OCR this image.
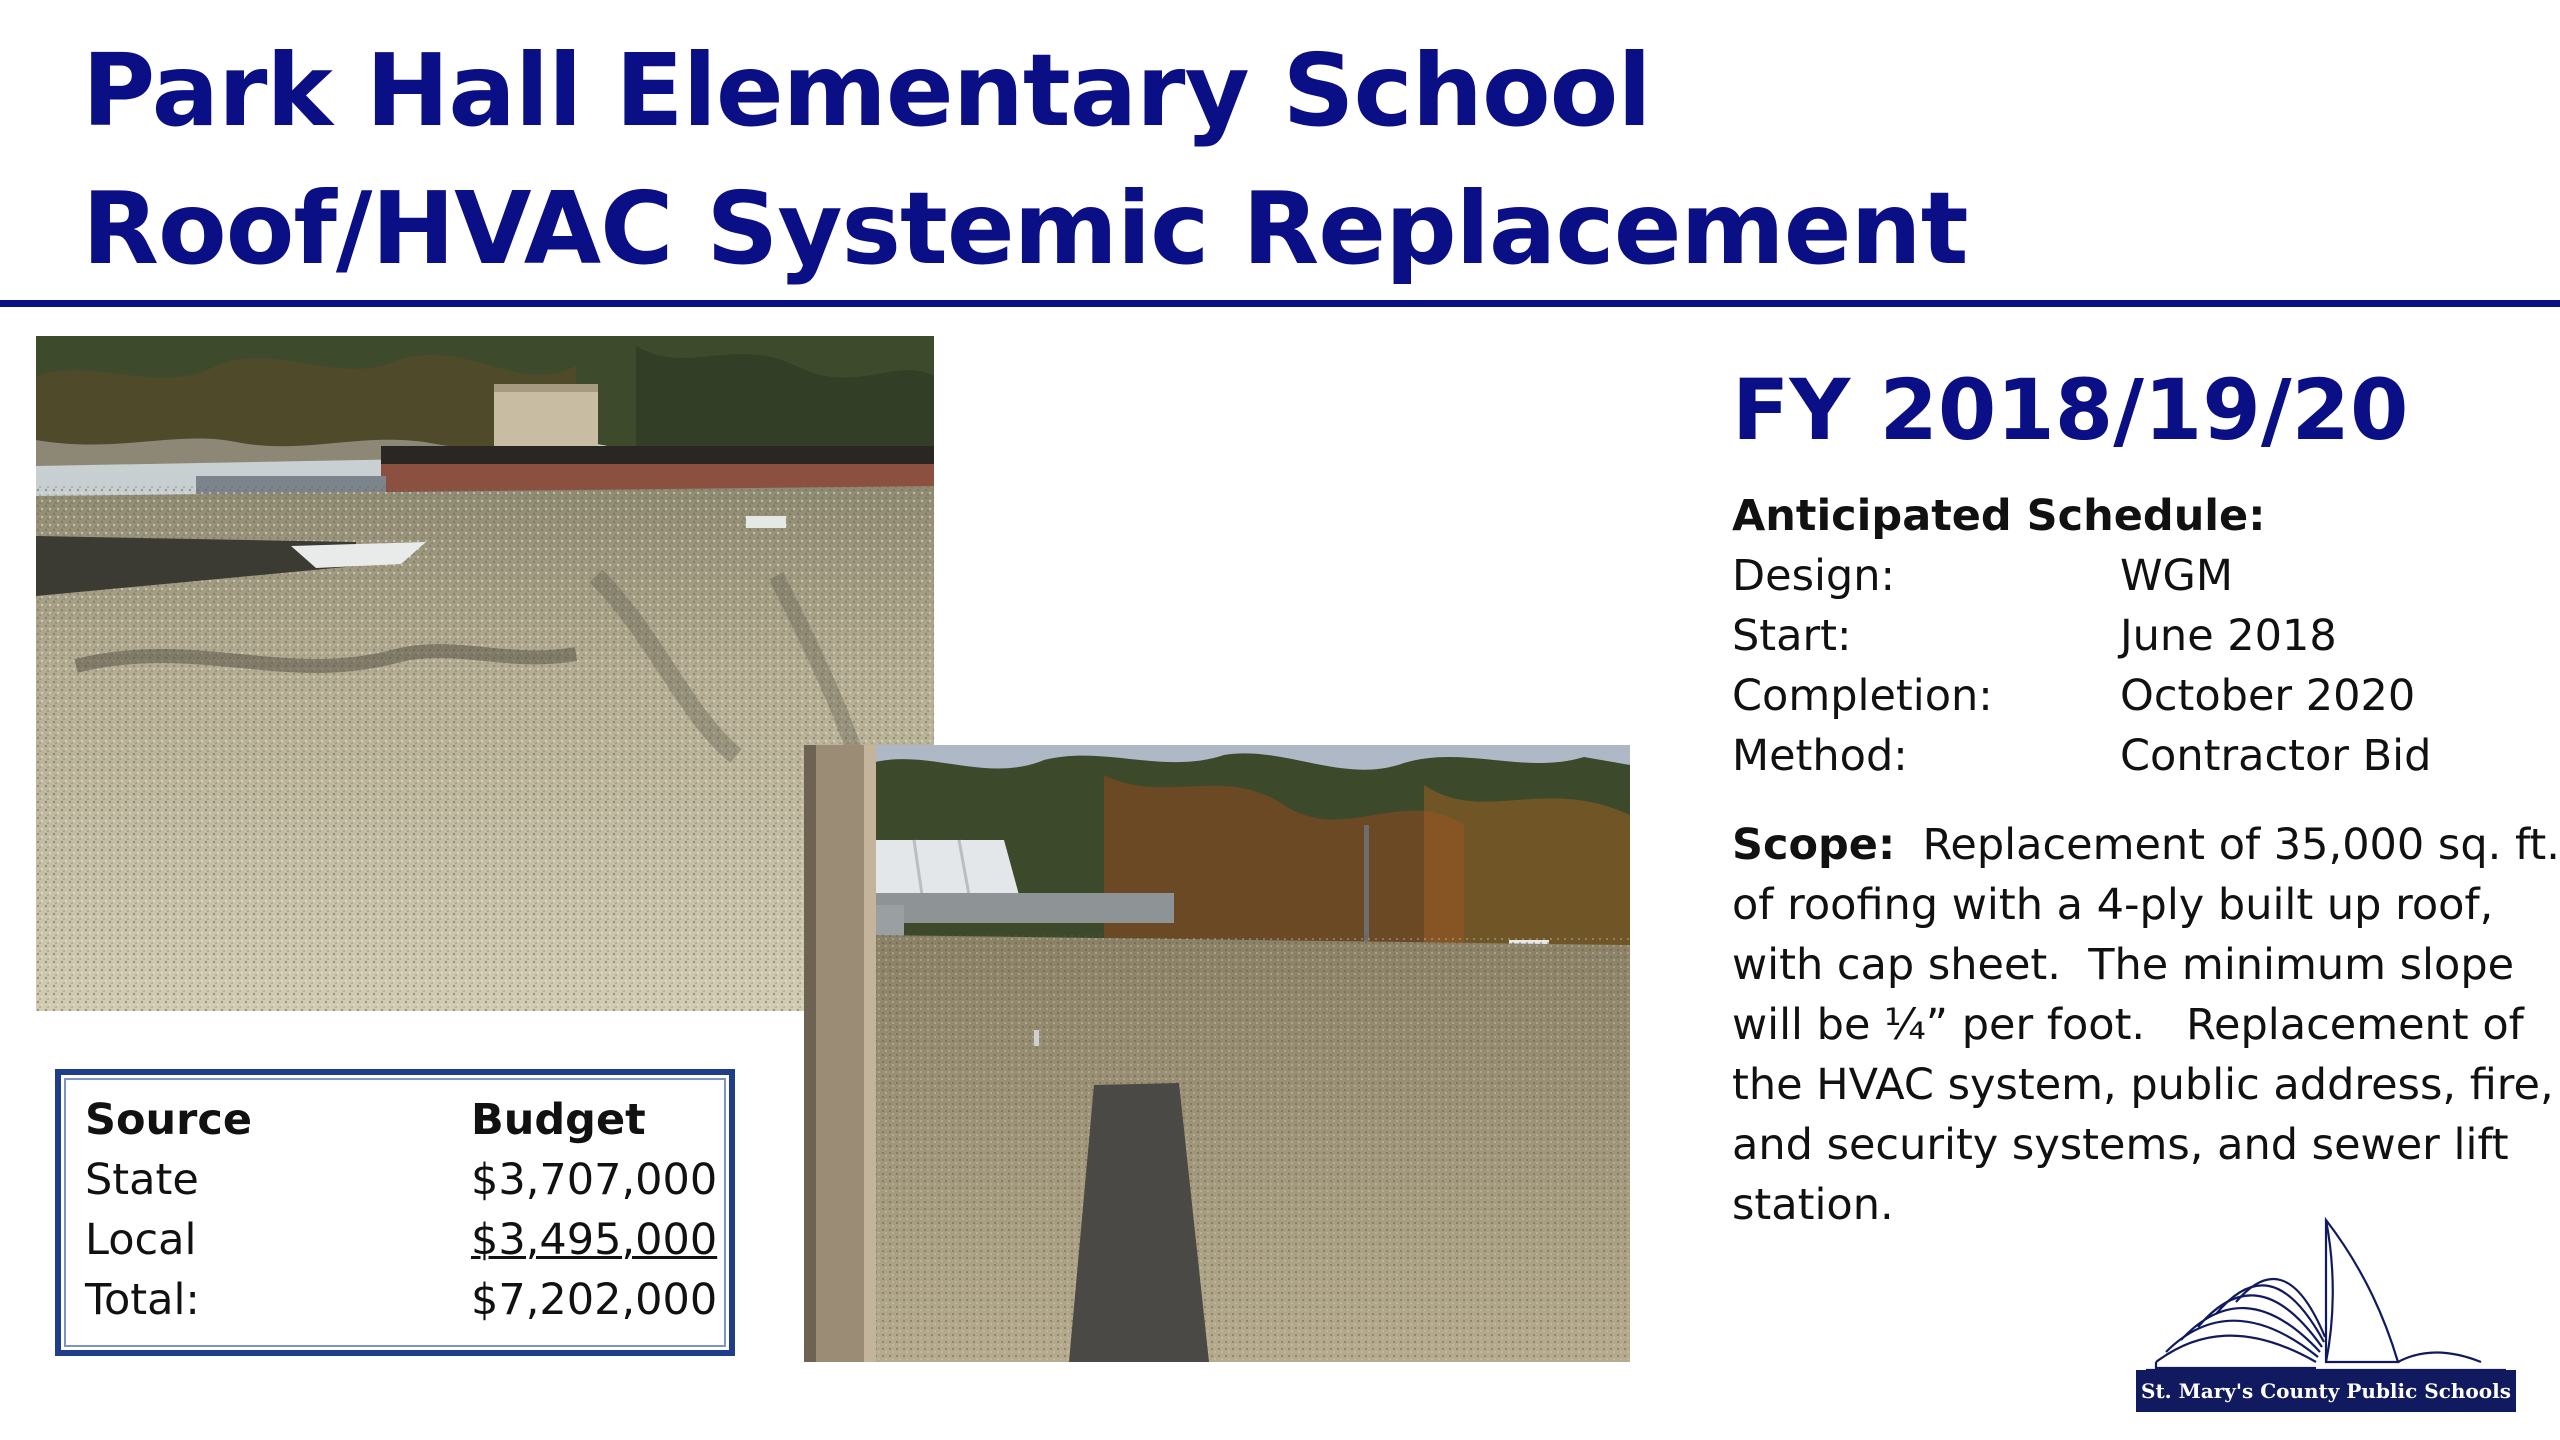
Park Hall Elementary School
Roof/HVAC Systemic Replacement
Source	Budget
State	$3,707,000
Local	$3,495,000
Total:	$7,202,000
FY 2018/19/20
Anticipated Schedule:
Design:	WGM
Start:	June 2018
Completion:	October 2020
Method:	Contractor Bid
Scope:  Replacement of 35,000 sq. ft.
of roofing with a 4-ply built up roof,
with cap sheet.  The minimum slope
will be ¼” per foot.   Replacement of
the HVAC system, public address, fire,
and security systems, and sewer lift
station.
St. Mary's County Public Schools
